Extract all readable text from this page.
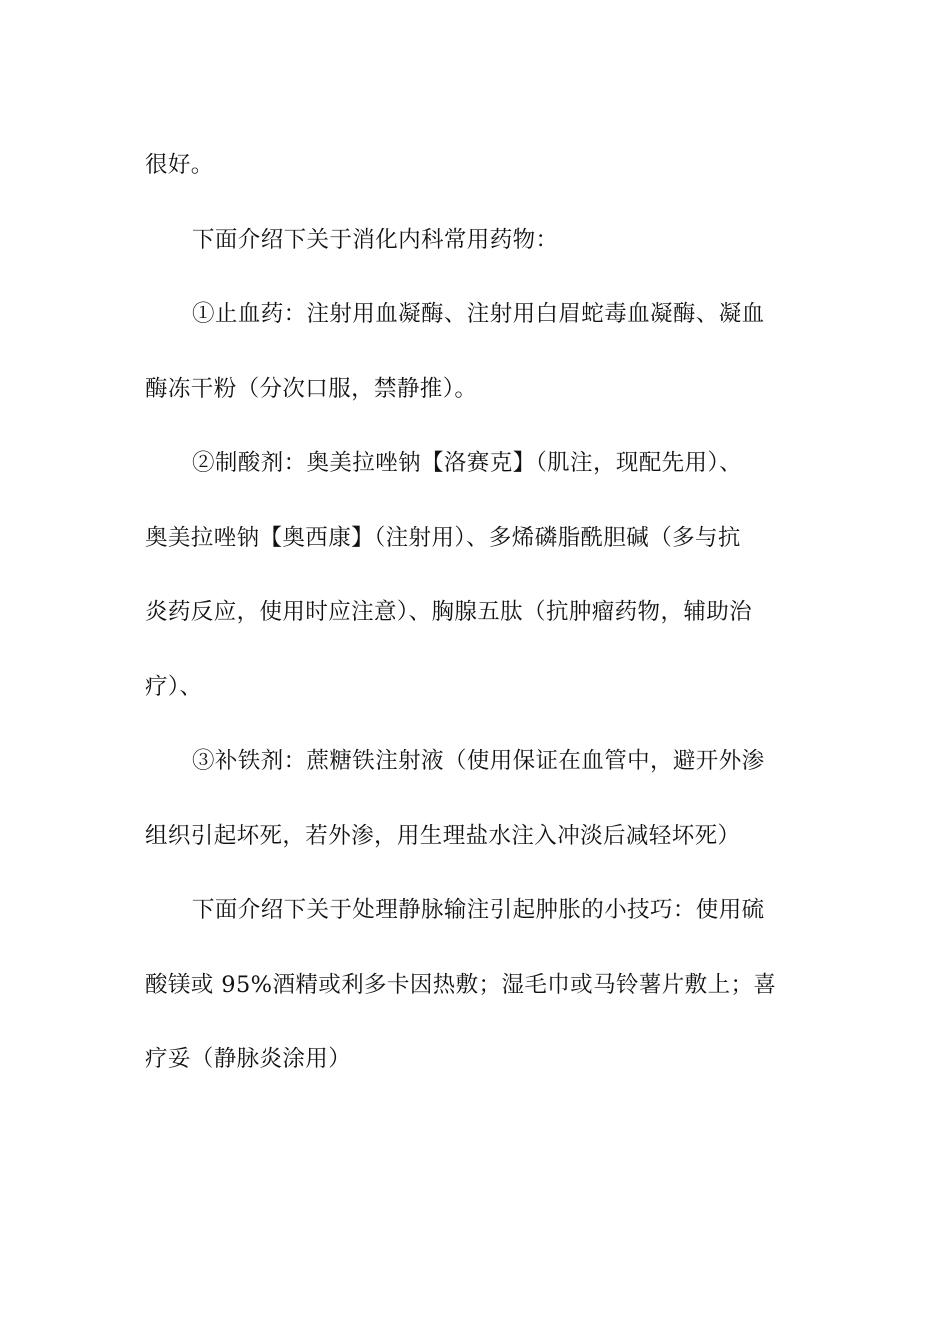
很好。
下面介绍下关于消化内科常用药物：
①止血药：注射用血凝酶、注射用白眉蛇毒血凝酶、凝血
酶冻干粉（分次口服，禁静推）。
②制酸剂：奥美拉唑钠【洛赛克】（肌注，现配先用）、
奥美拉唑钠【奥西康】（注射用）、多烯磷脂酰胆碱（多与抗
炎药反应，使用时应注意）、胸腺五肽（抗肿瘤药物，辅助治
疗）、
③补铁剂：蔗糖铁注射液（使用保证在血管中，避开外渗
组织引起坏死，若外渗，用生理盐水注入冲淡后减轻坏死）
下面介绍下关于处理静脉输注引起肿胀的小技巧：使用硫
酸镁或 95%酒精或利多卡因热敷；湿毛巾或马铃薯片敷上；喜
疗妥（静脉炎涂用）
